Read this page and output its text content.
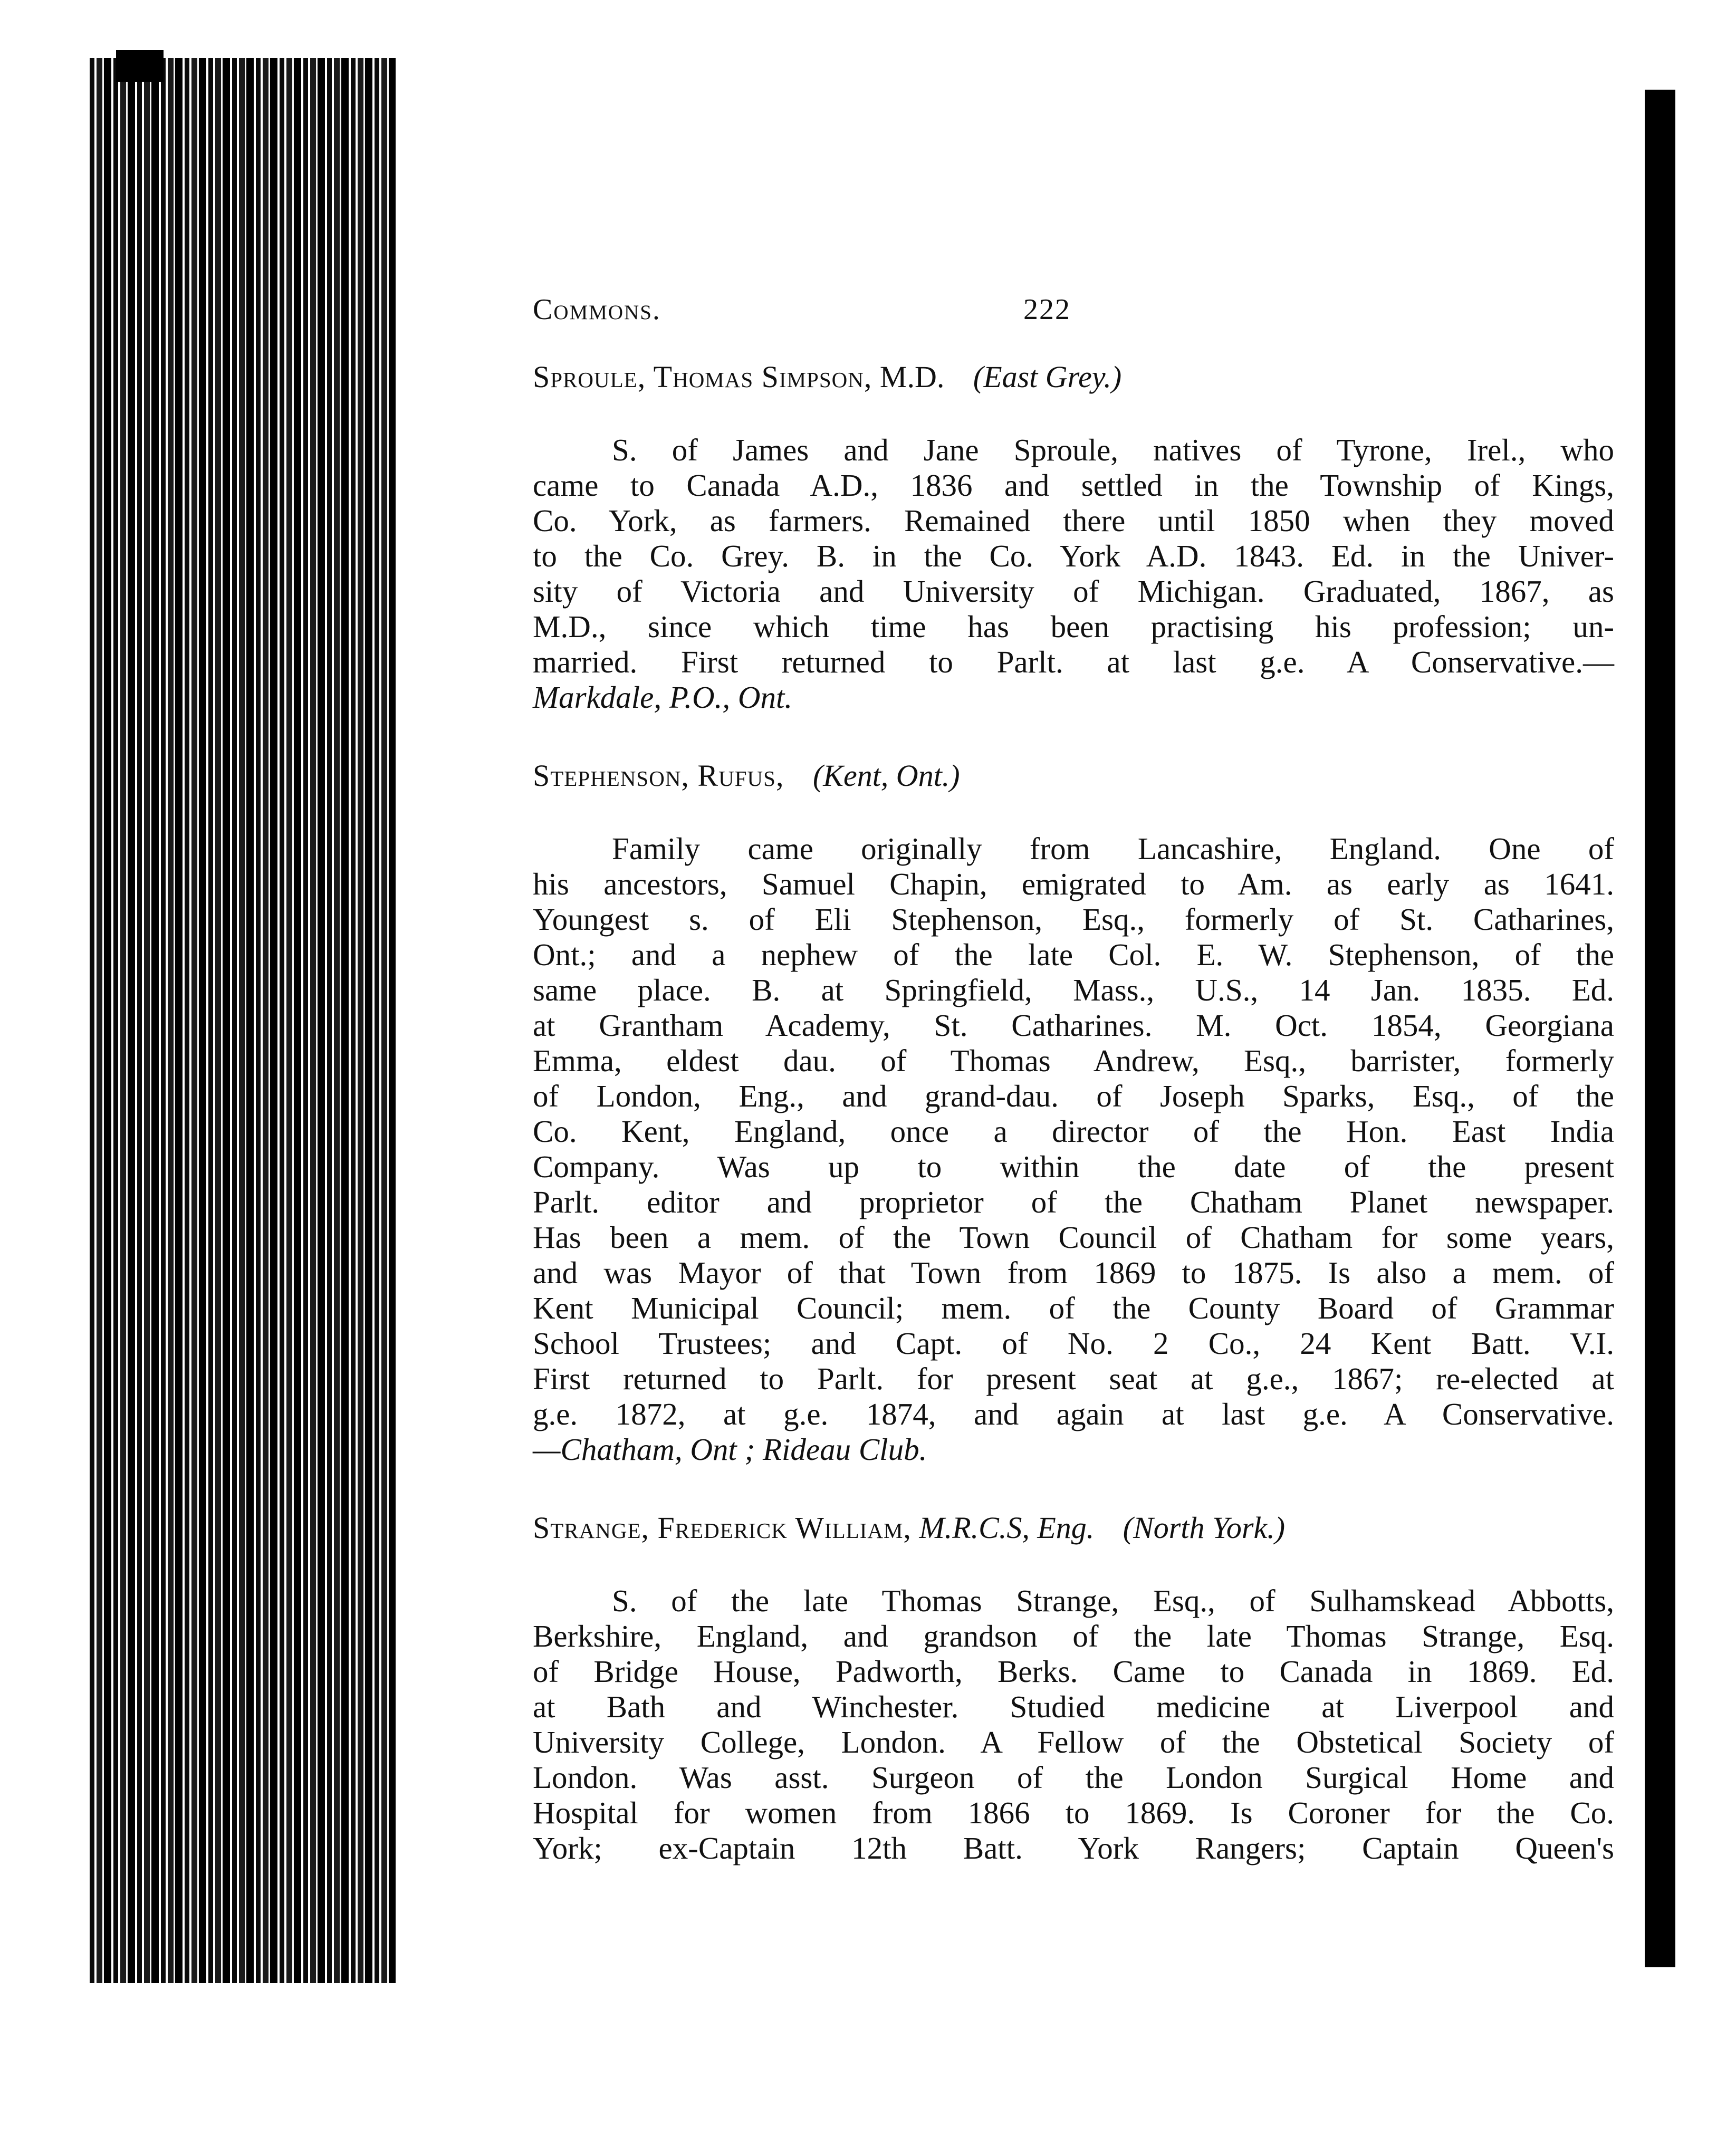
Commons.	222
Sproule, Thomas Simpson, M.D. (East Grey.)
S. of James and Jane Sproule, natives of Tyrone, Irel., who
came to Canada A.D., 1836 and settled in the Township of Kings,
Co. York, as farmers. Remained there until 1850 when they moved
to the Co. Grey. B. in the Co. York A.D. 1843. Ed. in the Univer-
sity of Victoria and University of Michigan. Graduated, 1867, as
M.D., since which time has been practising his profession; un-
married. First returned to Parlt. at last g.e. A Conservative.—
Markdale, P.O., Ont.
Stephenson, Rufus, (Kent, Ont.)
Family came originally from Lancashire, England. One of
his ancestors, Samuel Chapin, emigrated to Am. as early as 1641.
Youngest s. of Eli Stephenson, Esq., formerly of St. Catharines,
Ont.; and a nephew of the late Col. E. W. Stephenson, of the
same place. B. at Springfield, Mass., U.S., 14 Jan. 1835. Ed.
at Grantham Academy, St. Catharines. M. Oct. 1854, Georgiana
Emma, eldest dau. of Thomas Andrew, Esq., barrister, formerly
of London, Eng., and grand-dau. of Joseph Sparks, Esq., of the
Co. Kent, England, once a director of the Hon. East India
Company. Was up to within the date of the present
Parlt. editor and proprietor of the Chatham Planet newspaper.
Has been a mem. of the Town Council of Chatham for some years,
and was Mayor of that Town from 1869 to 1875. Is also a mem. of
Kent Municipal Council; mem. of the County Board of Grammar
School Trustees; and Capt. of No. 2 Co., 24 Kent Batt. V.I.
First returned to Parlt. for present seat at g.e., 1867; re-elected at
g.e. 1872, at g.e. 1874, and again at last g.e. A Conservative.
—Chatham, Ont ; Rideau Club.
Strange, Frederick William, M.R.C.S, Eng. (North York.)
S. of the late Thomas Strange, Esq., of Sulhamskead Abbotts,
Berkshire, England, and grandson of the late Thomas Strange, Esq.
of Bridge House, Padworth, Berks. Came to Canada in 1869. Ed.
at Bath and Winchester. Studied medicine at Liverpool and
University College, London. A Fellow of the Obstetical Society of
London. Was asst. Surgeon of the London Surgical Home and
Hospital for women from 1866 to 1869. Is Coroner for the Co.
York; ex-Captain 12th Batt. York Rangers; Captain Queen's
